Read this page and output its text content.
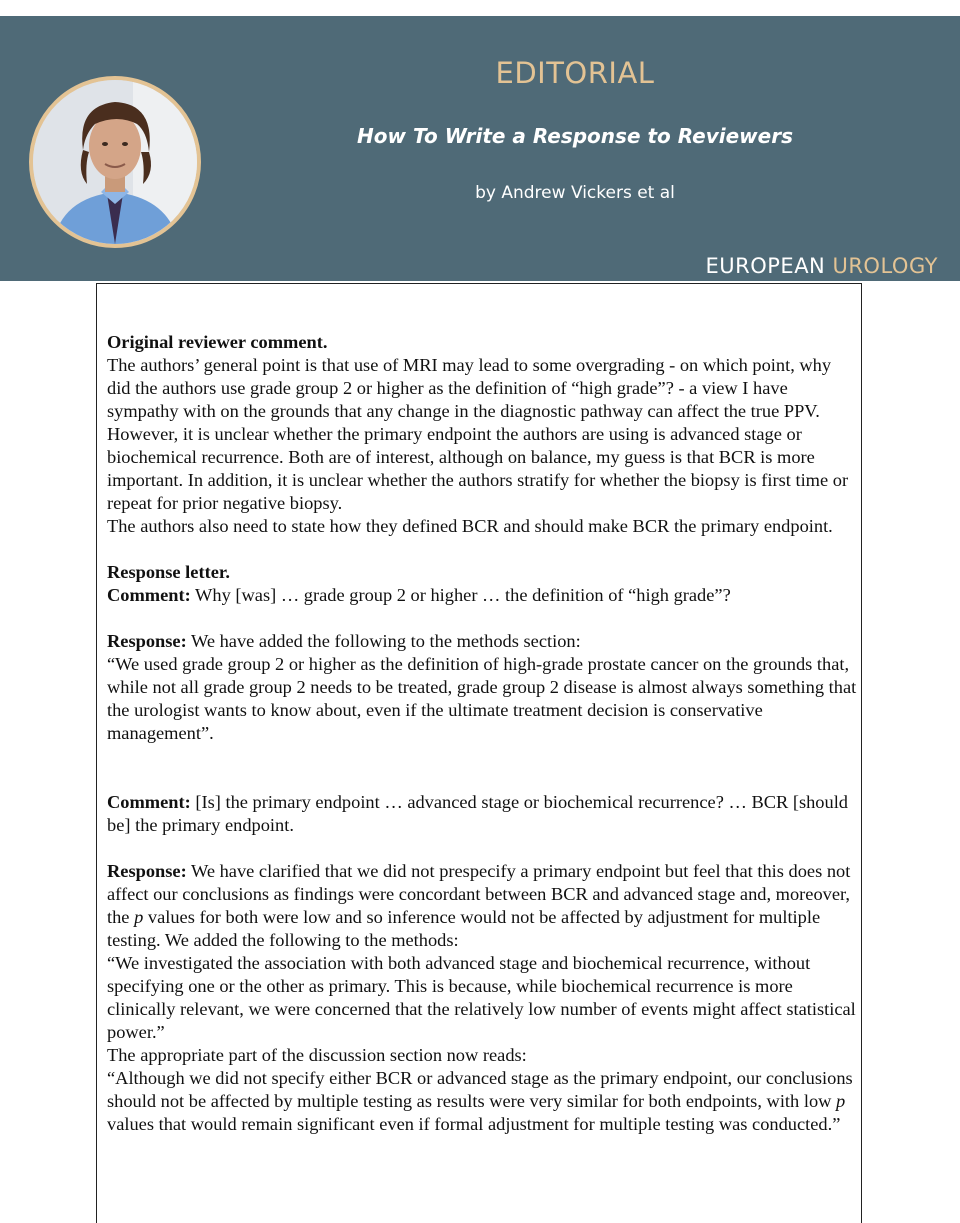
EDITORIAL
How To Write a Response to Reviewers
by Andrew Vickers et al
EUROPEAN UROLOGY

Original reviewer comment.

The authors’ general point is that use of MRI may lead to some overgrading - on which point, why did the authors use grade group 2 or higher as the definition of “high grade”? - a view I have sympathy with on the grounds that any change in the diagnostic pathway can affect the true PPV. However, it is unclear whether the primary endpoint the authors are using is advanced stage or biochemical recurrence. Both are of interest, although on balance, my guess is that BCR is more important. In addition, it is unclear whether the authors stratify for whether the biopsy is first time or repeat for prior negative biopsy.

The authors also need to state how they defined BCR and should make BCR the primary endpoint.

Response letter.

Comment: Why [was] … grade group 2 or higher … the definition of “high grade”?

Response: We have added the following to the methods section:

“We used grade group 2 or higher as the definition of high-grade prostate cancer on the grounds that, while not all grade group 2 needs to be treated, grade group 2 disease is almost always something that the urologist wants to know about, even if the ultimate treatment decision is conservative management”.

Comment: [Is] the primary endpoint … advanced stage or biochemical recurrence? … BCR [should be] the primary endpoint.

Response: We have clarified that we did not prespecify a primary endpoint but feel that this does not affect our conclusions as findings were concordant between BCR and advanced stage and, moreover, the p values for both were low and so inference would not be affected by adjustment for multiple testing. We added the following to the methods:

“We investigated the association with both advanced stage and biochemical recurrence, without specifying one or the other as primary. This is because, while biochemical recurrence is more clinically relevant, we were concerned that the relatively low number of events might affect statistical power.”

The appropriate part of the discussion section now reads:

“Although we did not specify either BCR or advanced stage as the primary endpoint, our conclusions should not be affected by multiple testing as results were very similar for both endpoints, with low p values that would remain significant even if formal adjustment for multiple testing was conducted.”
